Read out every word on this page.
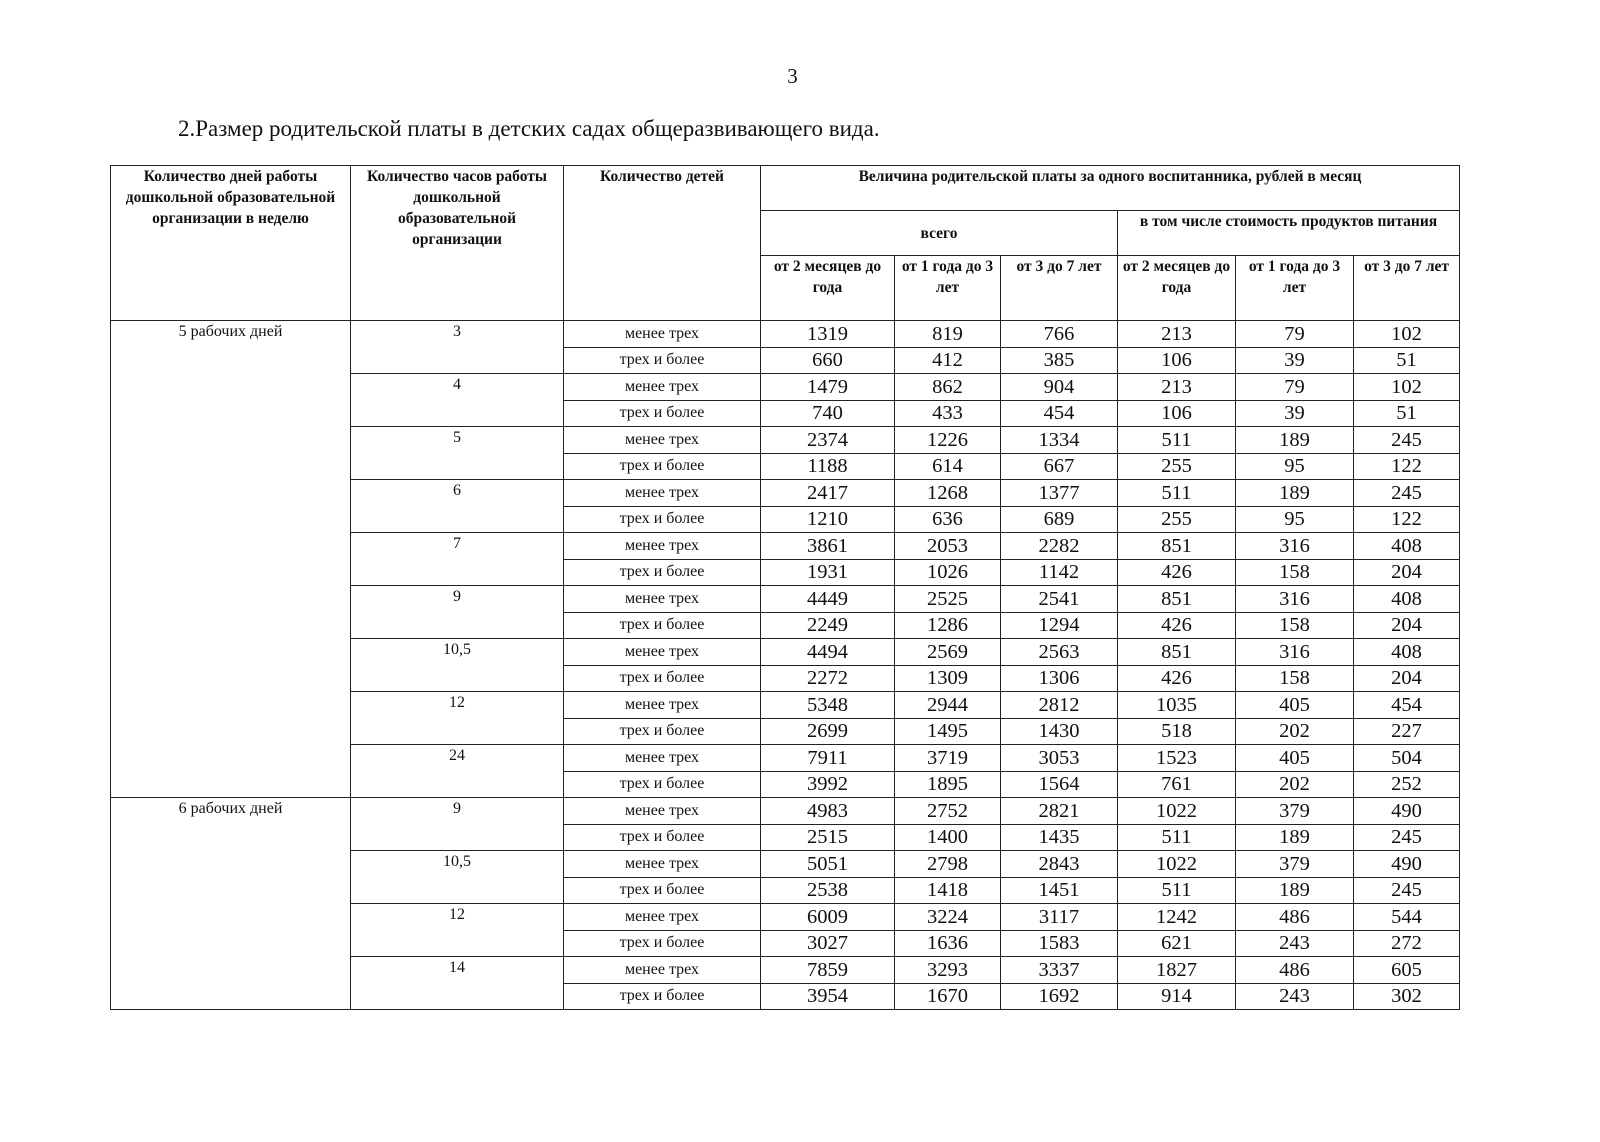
3
2.Размер родительской платы в детских садах общеразвивающего вида.
Количество дней работы дошкольной образовательной организации в неделю	Количество часов работы дошкольной образовательной организации	Количество детей	Величина родительской платы за одного воспитанника, рублей в месяц					
			всего			в том числе стоимость продуктов питания		
			от 2 месяцев до года	от 1 года до 3 лет	от 3 до 7 лет	от 2 месяцев до года	от 1 года до 3 лет	от 3 до 7 лет
5 рабочих дней	3	менее трех	1319	819	766	213	79	102
		трех и более	660	412	385	106	39	51
	4	менее трех	1479	862	904	213	79	102
		трех и более	740	433	454	106	39	51
	5	менее трех	2374	1226	1334	511	189	245
		трех и более	1188	614	667	255	95	122
	6	менее трех	2417	1268	1377	511	189	245
		трех и более	1210	636	689	255	95	122
	7	менее трех	3861	2053	2282	851	316	408
		трех и более	1931	1026	1142	426	158	204
	9	менее трех	4449	2525	2541	851	316	408
		трех и более	2249	1286	1294	426	158	204
	10,5	менее трех	4494	2569	2563	851	316	408
		трех и более	2272	1309	1306	426	158	204
	12	менее трех	5348	2944	2812	1035	405	454
		трех и более	2699	1495	1430	518	202	227
	24	менее трех	7911	3719	3053	1523	405	504
		трех и более	3992	1895	1564	761	202	252
6 рабочих дней	9	менее трех	4983	2752	2821	1022	379	490
		трех и более	2515	1400	1435	511	189	245
	10,5	менее трех	5051	2798	2843	1022	379	490
		трех и более	2538	1418	1451	511	189	245
	12	менее трех	6009	3224	3117	1242	486	544
		трех и более	3027	1636	1583	621	243	272
	14	менее трех	7859	3293	3337	1827	486	605
		трех и более	3954	1670	1692	914	243	302
